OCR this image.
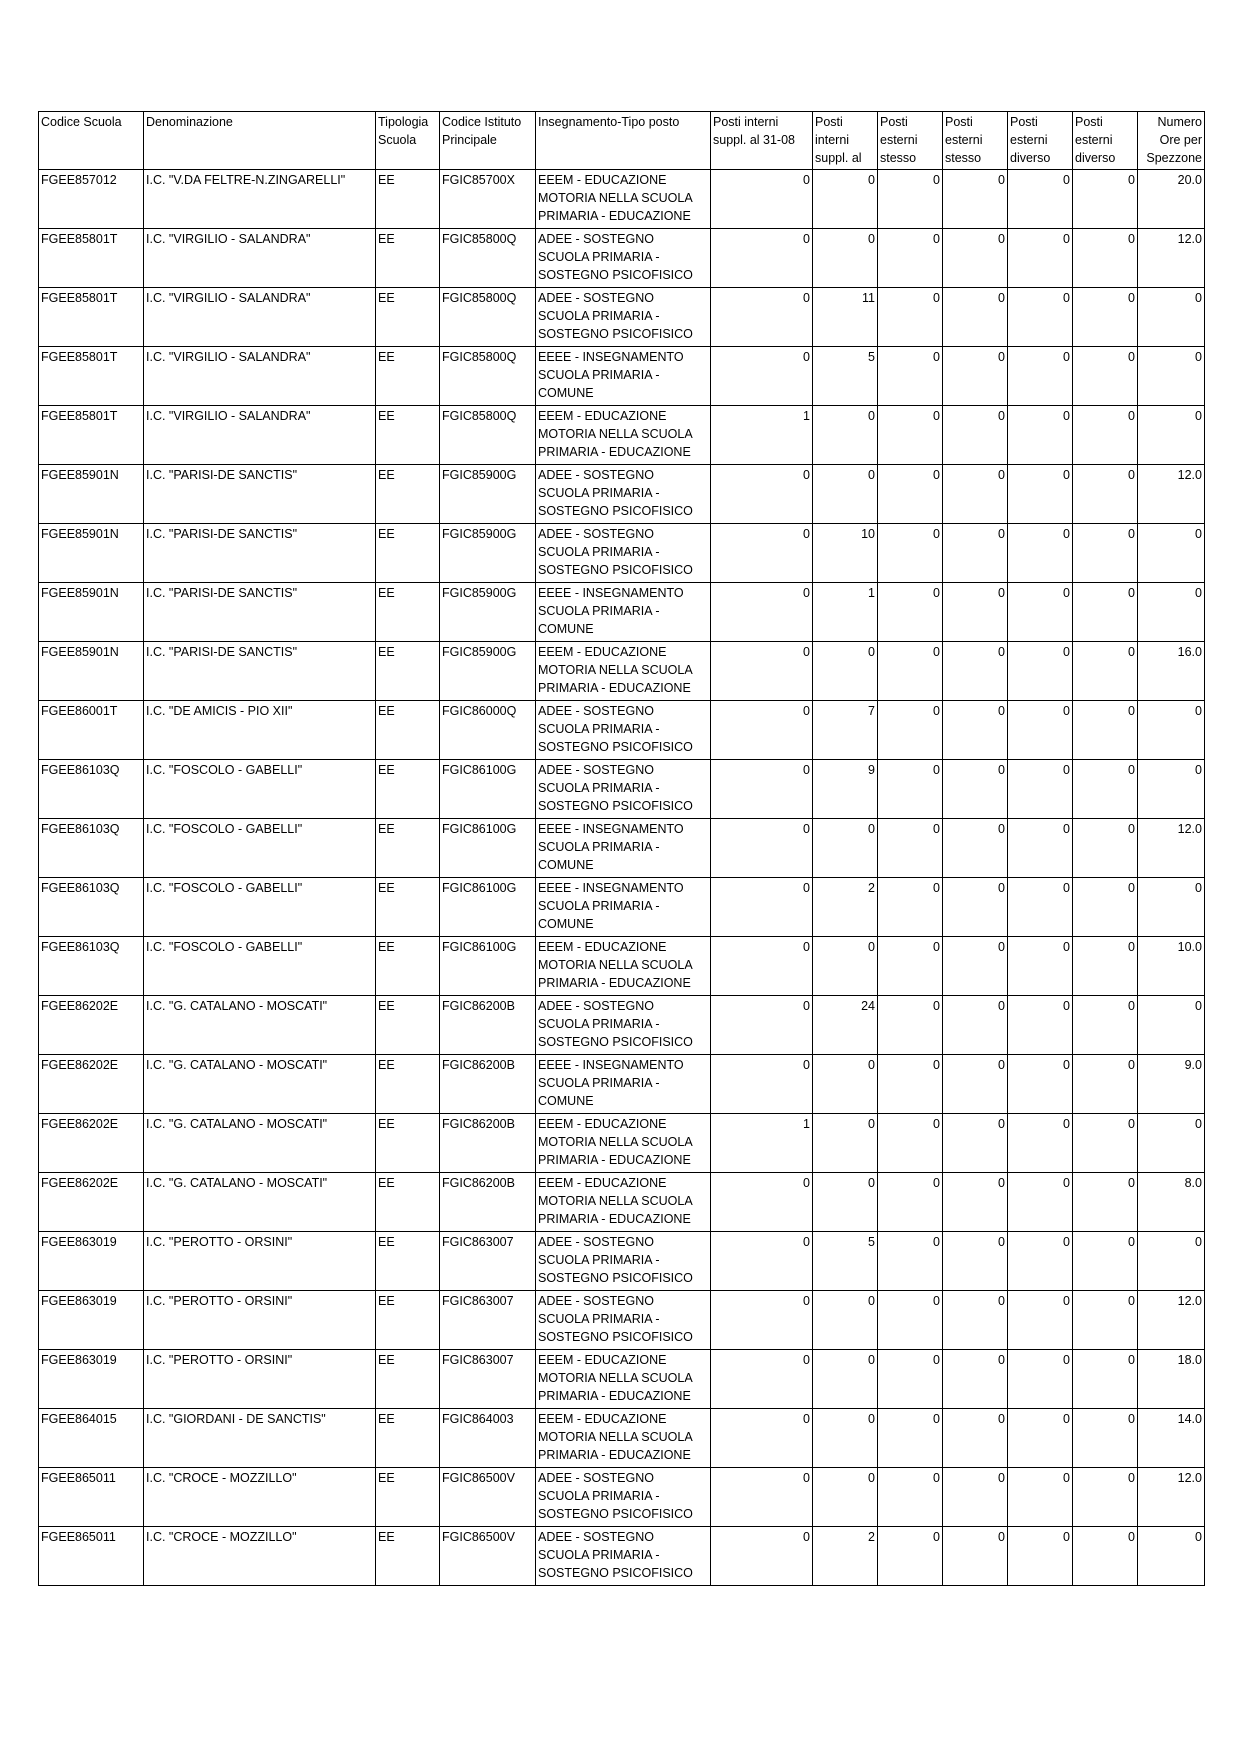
Codice Scuola	Denominazione	Tipologia Scuola	Codice Istituto Principale	Insegnamento-Tipo posto	Posti interni suppl. al 31-08	Posti interni suppl. al	Posti esterni stesso	Posti esterni stesso	Posti esterni diverso	Posti esterni diverso	Numero Ore per Spezzone
FGEE857012	I.C. "V.DA FELTRE-N.ZINGARELLI"	EE	FGIC85700X	EEEM - EDUCAZIONE MOTORIA NELLA SCUOLA PRIMARIA - EDUCAZIONE	0	0	0	0	0	0	20.0
FGEE85801T	I.C. "VIRGILIO - SALANDRA"	EE	FGIC85800Q	ADEE - SOSTEGNO SCUOLA PRIMARIA - SOSTEGNO PSICOFISICO	0	0	0	0	0	0	12.0
FGEE85801T	I.C. "VIRGILIO - SALANDRA"	EE	FGIC85800Q	ADEE - SOSTEGNO SCUOLA PRIMARIA - SOSTEGNO PSICOFISICO	0	11	0	0	0	0	0
FGEE85801T	I.C. "VIRGILIO - SALANDRA"	EE	FGIC85800Q	EEEE - INSEGNAMENTO SCUOLA PRIMARIA - COMUNE	0	5	0	0	0	0	0
FGEE85801T	I.C. "VIRGILIO - SALANDRA"	EE	FGIC85800Q	EEEM - EDUCAZIONE MOTORIA NELLA SCUOLA PRIMARIA - EDUCAZIONE	1	0	0	0	0	0	0
FGEE85901N	I.C. "PARISI-DE SANCTIS"	EE	FGIC85900G	ADEE - SOSTEGNO SCUOLA PRIMARIA - SOSTEGNO PSICOFISICO	0	0	0	0	0	0	12.0
FGEE85901N	I.C. "PARISI-DE SANCTIS"	EE	FGIC85900G	ADEE - SOSTEGNO SCUOLA PRIMARIA - SOSTEGNO PSICOFISICO	0	10	0	0	0	0	0
FGEE85901N	I.C. "PARISI-DE SANCTIS"	EE	FGIC85900G	EEEE - INSEGNAMENTO SCUOLA PRIMARIA - COMUNE	0	1	0	0	0	0	0
FGEE85901N	I.C. "PARISI-DE SANCTIS"	EE	FGIC85900G	EEEM - EDUCAZIONE MOTORIA NELLA SCUOLA PRIMARIA - EDUCAZIONE	0	0	0	0	0	0	16.0
FGEE86001T	I.C. "DE AMICIS - PIO XII"	EE	FGIC86000Q	ADEE - SOSTEGNO SCUOLA PRIMARIA - SOSTEGNO PSICOFISICO	0	7	0	0	0	0	0
FGEE86103Q	I.C. "FOSCOLO - GABELLI"	EE	FGIC86100G	ADEE - SOSTEGNO SCUOLA PRIMARIA - SOSTEGNO PSICOFISICO	0	9	0	0	0	0	0
FGEE86103Q	I.C. "FOSCOLO - GABELLI"	EE	FGIC86100G	EEEE - INSEGNAMENTO SCUOLA PRIMARIA - COMUNE	0	0	0	0	0	0	12.0
FGEE86103Q	I.C. "FOSCOLO - GABELLI"	EE	FGIC86100G	EEEE - INSEGNAMENTO SCUOLA PRIMARIA - COMUNE	0	2	0	0	0	0	0
FGEE86103Q	I.C. "FOSCOLO - GABELLI"	EE	FGIC86100G	EEEM - EDUCAZIONE MOTORIA NELLA SCUOLA PRIMARIA - EDUCAZIONE	0	0	0	0	0	0	10.0
FGEE86202E	I.C. "G. CATALANO - MOSCATI"	EE	FGIC86200B	ADEE - SOSTEGNO SCUOLA PRIMARIA - SOSTEGNO PSICOFISICO	0	24	0	0	0	0	0
FGEE86202E	I.C. "G. CATALANO - MOSCATI"	EE	FGIC86200B	EEEE - INSEGNAMENTO SCUOLA PRIMARIA - COMUNE	0	0	0	0	0	0	9.0
FGEE86202E	I.C. "G. CATALANO - MOSCATI"	EE	FGIC86200B	EEEM - EDUCAZIONE MOTORIA NELLA SCUOLA PRIMARIA - EDUCAZIONE	1	0	0	0	0	0	0
FGEE86202E	I.C. "G. CATALANO - MOSCATI"	EE	FGIC86200B	EEEM - EDUCAZIONE MOTORIA NELLA SCUOLA PRIMARIA - EDUCAZIONE	0	0	0	0	0	0	8.0
FGEE863019	I.C. "PEROTTO - ORSINI"	EE	FGIC863007	ADEE - SOSTEGNO SCUOLA PRIMARIA - SOSTEGNO PSICOFISICO	0	5	0	0	0	0	0
FGEE863019	I.C. "PEROTTO - ORSINI"	EE	FGIC863007	ADEE - SOSTEGNO SCUOLA PRIMARIA - SOSTEGNO PSICOFISICO	0	0	0	0	0	0	12.0
FGEE863019	I.C. "PEROTTO - ORSINI"	EE	FGIC863007	EEEM - EDUCAZIONE MOTORIA NELLA SCUOLA PRIMARIA - EDUCAZIONE	0	0	0	0	0	0	18.0
FGEE864015	I.C. "GIORDANI - DE SANCTIS"	EE	FGIC864003	EEEM - EDUCAZIONE MOTORIA NELLA SCUOLA PRIMARIA - EDUCAZIONE	0	0	0	0	0	0	14.0
FGEE865011	I.C. "CROCE - MOZZILLO"	EE	FGIC86500V	ADEE - SOSTEGNO SCUOLA PRIMARIA - SOSTEGNO PSICOFISICO	0	0	0	0	0	0	12.0
FGEE865011	I.C. "CROCE - MOZZILLO"	EE	FGIC86500V	ADEE - SOSTEGNO SCUOLA PRIMARIA - SOSTEGNO PSICOFISICO	0	2	0	0	0	0	0
